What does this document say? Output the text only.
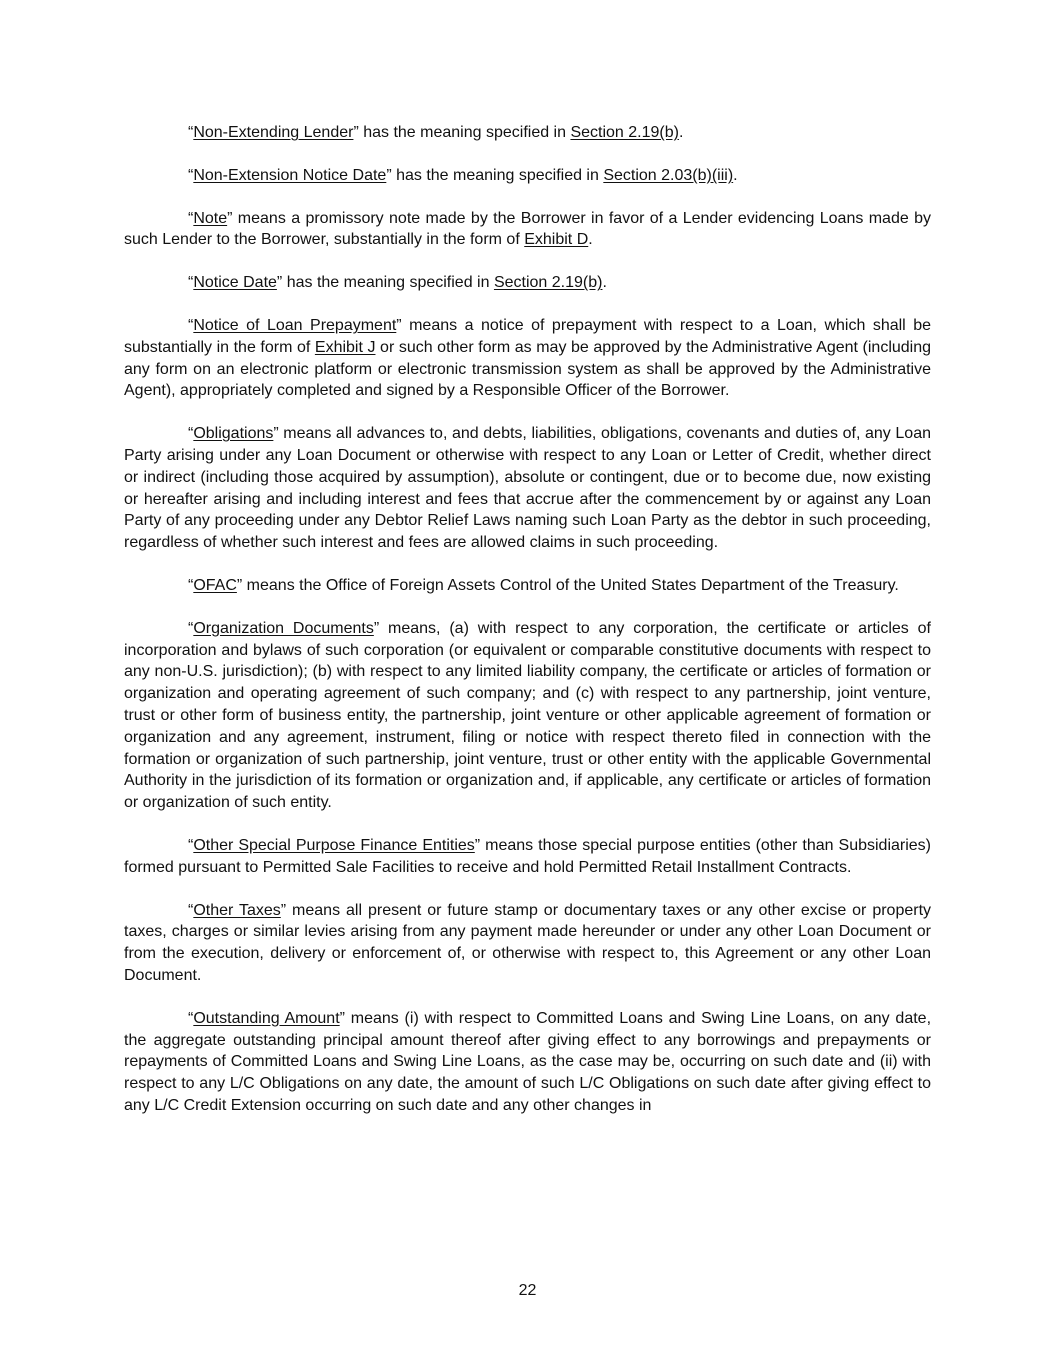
“Non-Extending Lender” has the meaning specified in Section 2.19(b).

“Non-Extension Notice Date” has the meaning specified in Section 2.03(b)(iii).

“Note” means a promissory note made by the Borrower in favor of a Lender evidencing Loans made by such Lender to the Borrower, substantially in the form of Exhibit D.

“Notice Date” has the meaning specified in Section 2.19(b).

“Notice of Loan Prepayment” means a notice of prepayment with respect to a Loan, which shall be substantially in the form of Exhibit J or such other form as may be approved by the Administrative Agent (including any form on an electronic platform or electronic transmission system as shall be approved by the Administrative Agent), appropriately completed and signed by a Responsible Officer of the Borrower.

“Obligations” means all advances to, and debts, liabilities, obligations, covenants and duties of, any Loan Party arising under any Loan Document or otherwise with respect to any Loan or Letter of Credit, whether direct or indirect (including those acquired by assumption), absolute or contingent, due or to become due, now existing or hereafter arising and including interest and fees that accrue after the commencement by or against any Loan Party of any proceeding under any Debtor Relief Laws naming such Loan Party as the debtor in such proceeding, regardless of whether such interest and fees are allowed claims in such proceeding.

“OFAC” means the Office of Foreign Assets Control of the United States Department of the Treasury.

“Organization Documents” means, (a) with respect to any corporation, the certificate or articles of incorporation and bylaws of such corporation (or equivalent or comparable constitutive documents with respect to any non-U.S. jurisdiction); (b) with respect to any limited liability company, the certificate or articles of formation or organization and operating agreement of such company; and (c) with respect to any partnership, joint venture, trust or other form of business entity, the partnership, joint venture or other applicable agreement of formation or organization and any agreement, instrument, filing or notice with respect thereto filed in connection with the formation or organization of such partnership, joint venture, trust or other entity with the applicable Governmental Authority in the jurisdiction of its formation or organization and, if applicable, any certificate or articles of formation or organization of such entity.

“Other Special Purpose Finance Entities” means those special purpose entities (other than Subsidiaries) formed pursuant to Permitted Sale Facilities to receive and hold Permitted Retail Installment Contracts.

“Other Taxes” means all present or future stamp or documentary taxes or any other excise or property taxes, charges or similar levies arising from any payment made hereunder or under any other Loan Document or from the execution, delivery or enforcement of, or otherwise with respect to, this Agreement or any other Loan Document.

“Outstanding Amount” means (i) with respect to Committed Loans and Swing Line Loans, on any date, the aggregate outstanding principal amount thereof after giving effect to any borrowings and prepayments or repayments of Committed Loans and Swing Line Loans, as the case may be, occurring on such date and (ii) with respect to any L/C Obligations on any date, the amount of such L/C Obligations on such date after giving effect to any L/C Credit Extension occurring on such date and any other changes in

22
